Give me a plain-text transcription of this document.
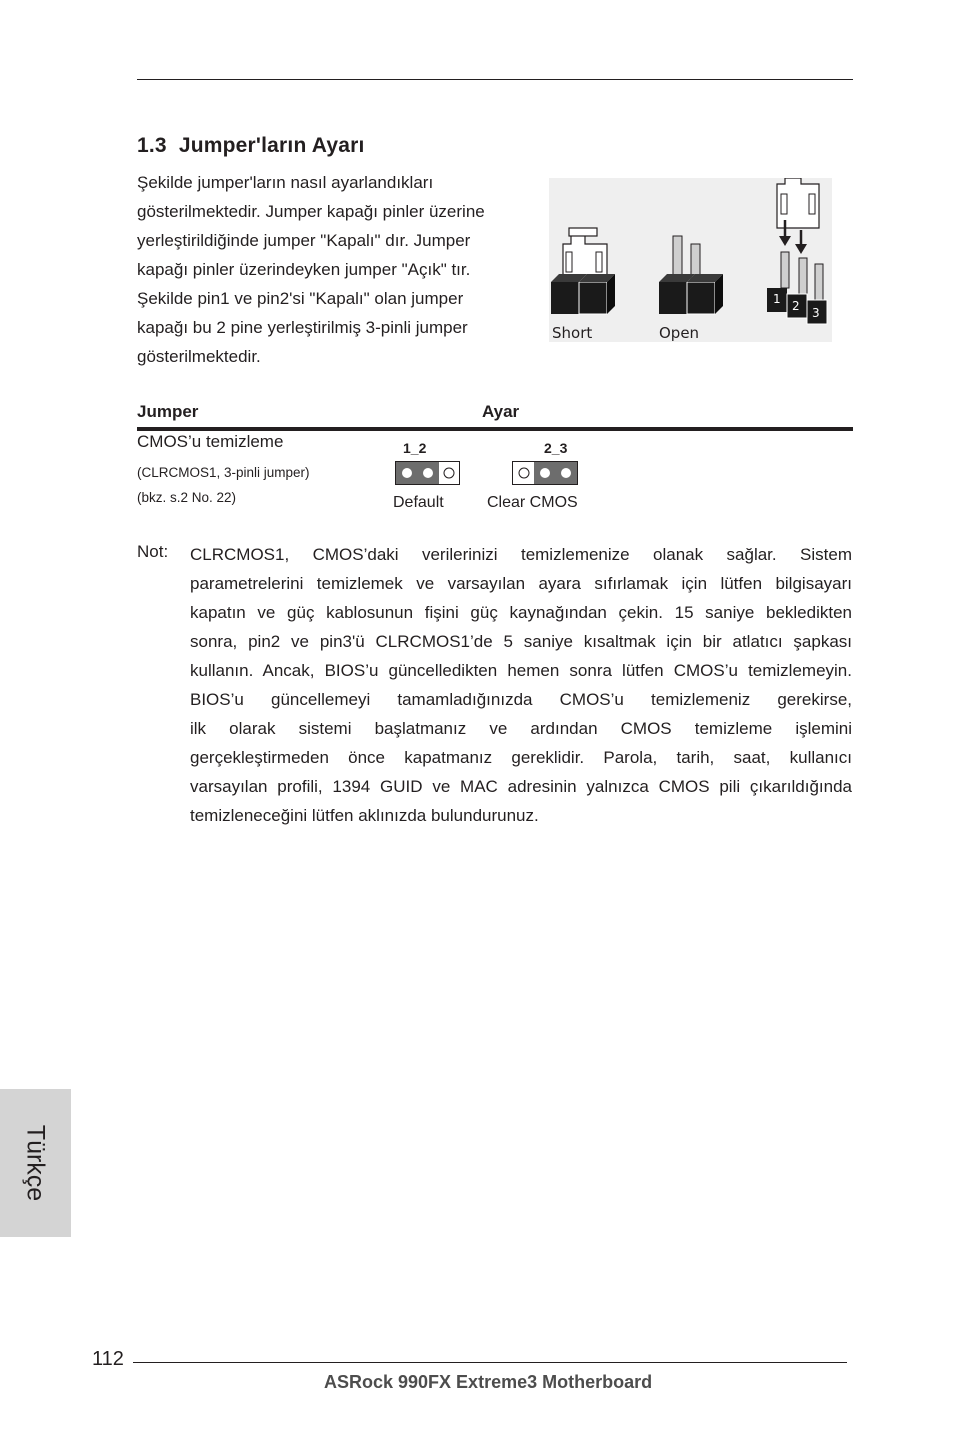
1.3 Jumper'ların Ayarı
Şekilde jumper'ların nasıl ayarlandıkları
gösterilmektedir. Jumper kapağı pinler üzerine
yerleştirildiğinde jumper "Kapalı" dır. Jumper
kapağı pinler üzerindeyken jumper "Açık" tır.
Şekilde pin1 ve pin2'si "Kapalı" olan jumper
kapağı bu 2 pine yerleştirilmiş 3-pinli jumper
gösterilmektedir.
1 2 3
Short	Open
Jumper	Ayar
CMOS’u temizleme
(CLRCMOS1, 3-pinli jumper)
(bkz. s.2 No. 22)
1_2
Default
2_3
Clear CMOS
Not: CLRCMOS1, CMOS’daki verilerinizi temizlemenize olanak sağlar. Sistem
parametrelerini temizlemek ve varsayılan ayara sıfırlamak için lütfen bilgisayarı
kapatın ve güç kablosunun fişini güç kaynağından çekin. 15 saniye bekledikten
sonra, pin2 ve pin3'ü CLRCMOS1’de 5 saniye kısaltmak için bir atlatıcı şapkası
kullanın. Ancak, BIOS’u güncelledikten hemen sonra lütfen CMOS’u temizlemeyin.
BIOS’u güncellemeyi tamamladığınızda CMOS’u temizlemeniz gerekirse,
ilk olarak sistemi başlatmanız ve ardından CMOS temizleme işlemini
gerçekleştirmeden önce kapatmanız gereklidir. Parola, tarih, saat, kullanıcı
varsayılan profili, 1394 GUID ve MAC adresinin yalnızca CMOS pili çıkarıldığında
temizleneceğini lütfen aklınızda bulundurunuz.
Türkçe
112
ASRock 990FX Extreme3 Motherboard
